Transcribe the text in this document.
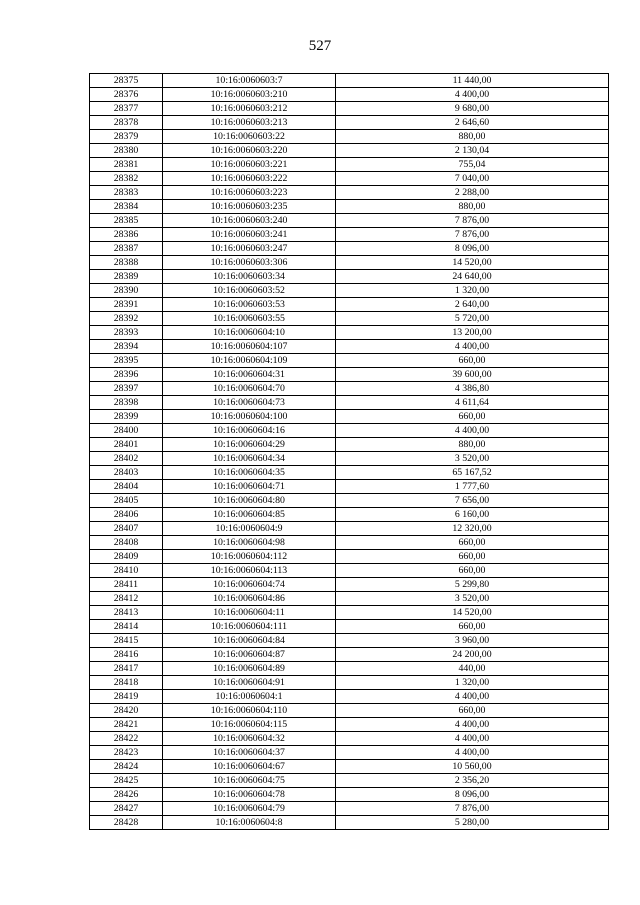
527
28375	10:16:0060603:7	11 440,00
28376	10:16:0060603:210	4 400,00
28377	10:16:0060603:212	9 680,00
28378	10:16:0060603:213	2 646,60
28379	10:16:0060603:22	880,00
28380	10:16:0060603:220	2 130,04
28381	10:16:0060603:221	755,04
28382	10:16:0060603:222	7 040,00
28383	10:16:0060603:223	2 288,00
28384	10:16:0060603:235	880,00
28385	10:16:0060603:240	7 876,00
28386	10:16:0060603:241	7 876,00
28387	10:16:0060603:247	8 096,00
28388	10:16:0060603:306	14 520,00
28389	10:16:0060603:34	24 640,00
28390	10:16:0060603:52	1 320,00
28391	10:16:0060603:53	2 640,00
28392	10:16:0060603:55	5 720,00
28393	10:16:0060604:10	13 200,00
28394	10:16:0060604:107	4 400,00
28395	10:16:0060604:109	660,00
28396	10:16:0060604:31	39 600,00
28397	10:16:0060604:70	4 386,80
28398	10:16:0060604:73	4 611,64
28399	10:16:0060604:100	660,00
28400	10:16:0060604:16	4 400,00
28401	10:16:0060604:29	880,00
28402	10:16:0060604:34	3 520,00
28403	10:16:0060604:35	65 167,52
28404	10:16:0060604:71	1 777,60
28405	10:16:0060604:80	7 656,00
28406	10:16:0060604:85	6 160,00
28407	10:16:0060604:9	12 320,00
28408	10:16:0060604:98	660,00
28409	10:16:0060604:112	660,00
28410	10:16:0060604:113	660,00
28411	10:16:0060604:74	5 299,80
28412	10:16:0060604:86	3 520,00
28413	10:16:0060604:11	14 520,00
28414	10:16:0060604:111	660,00
28415	10:16:0060604:84	3 960,00
28416	10:16:0060604:87	24 200,00
28417	10:16:0060604:89	440,00
28418	10:16:0060604:91	1 320,00
28419	10:16:0060604:1	4 400,00
28420	10:16:0060604:110	660,00
28421	10:16:0060604:115	4 400,00
28422	10:16:0060604:32	4 400,00
28423	10:16:0060604:37	4 400,00
28424	10:16:0060604:67	10 560,00
28425	10:16:0060604:75	2 356,20
28426	10:16:0060604:78	8 096,00
28427	10:16:0060604:79	7 876,00
28428	10:16:0060604:8	5 280,00
